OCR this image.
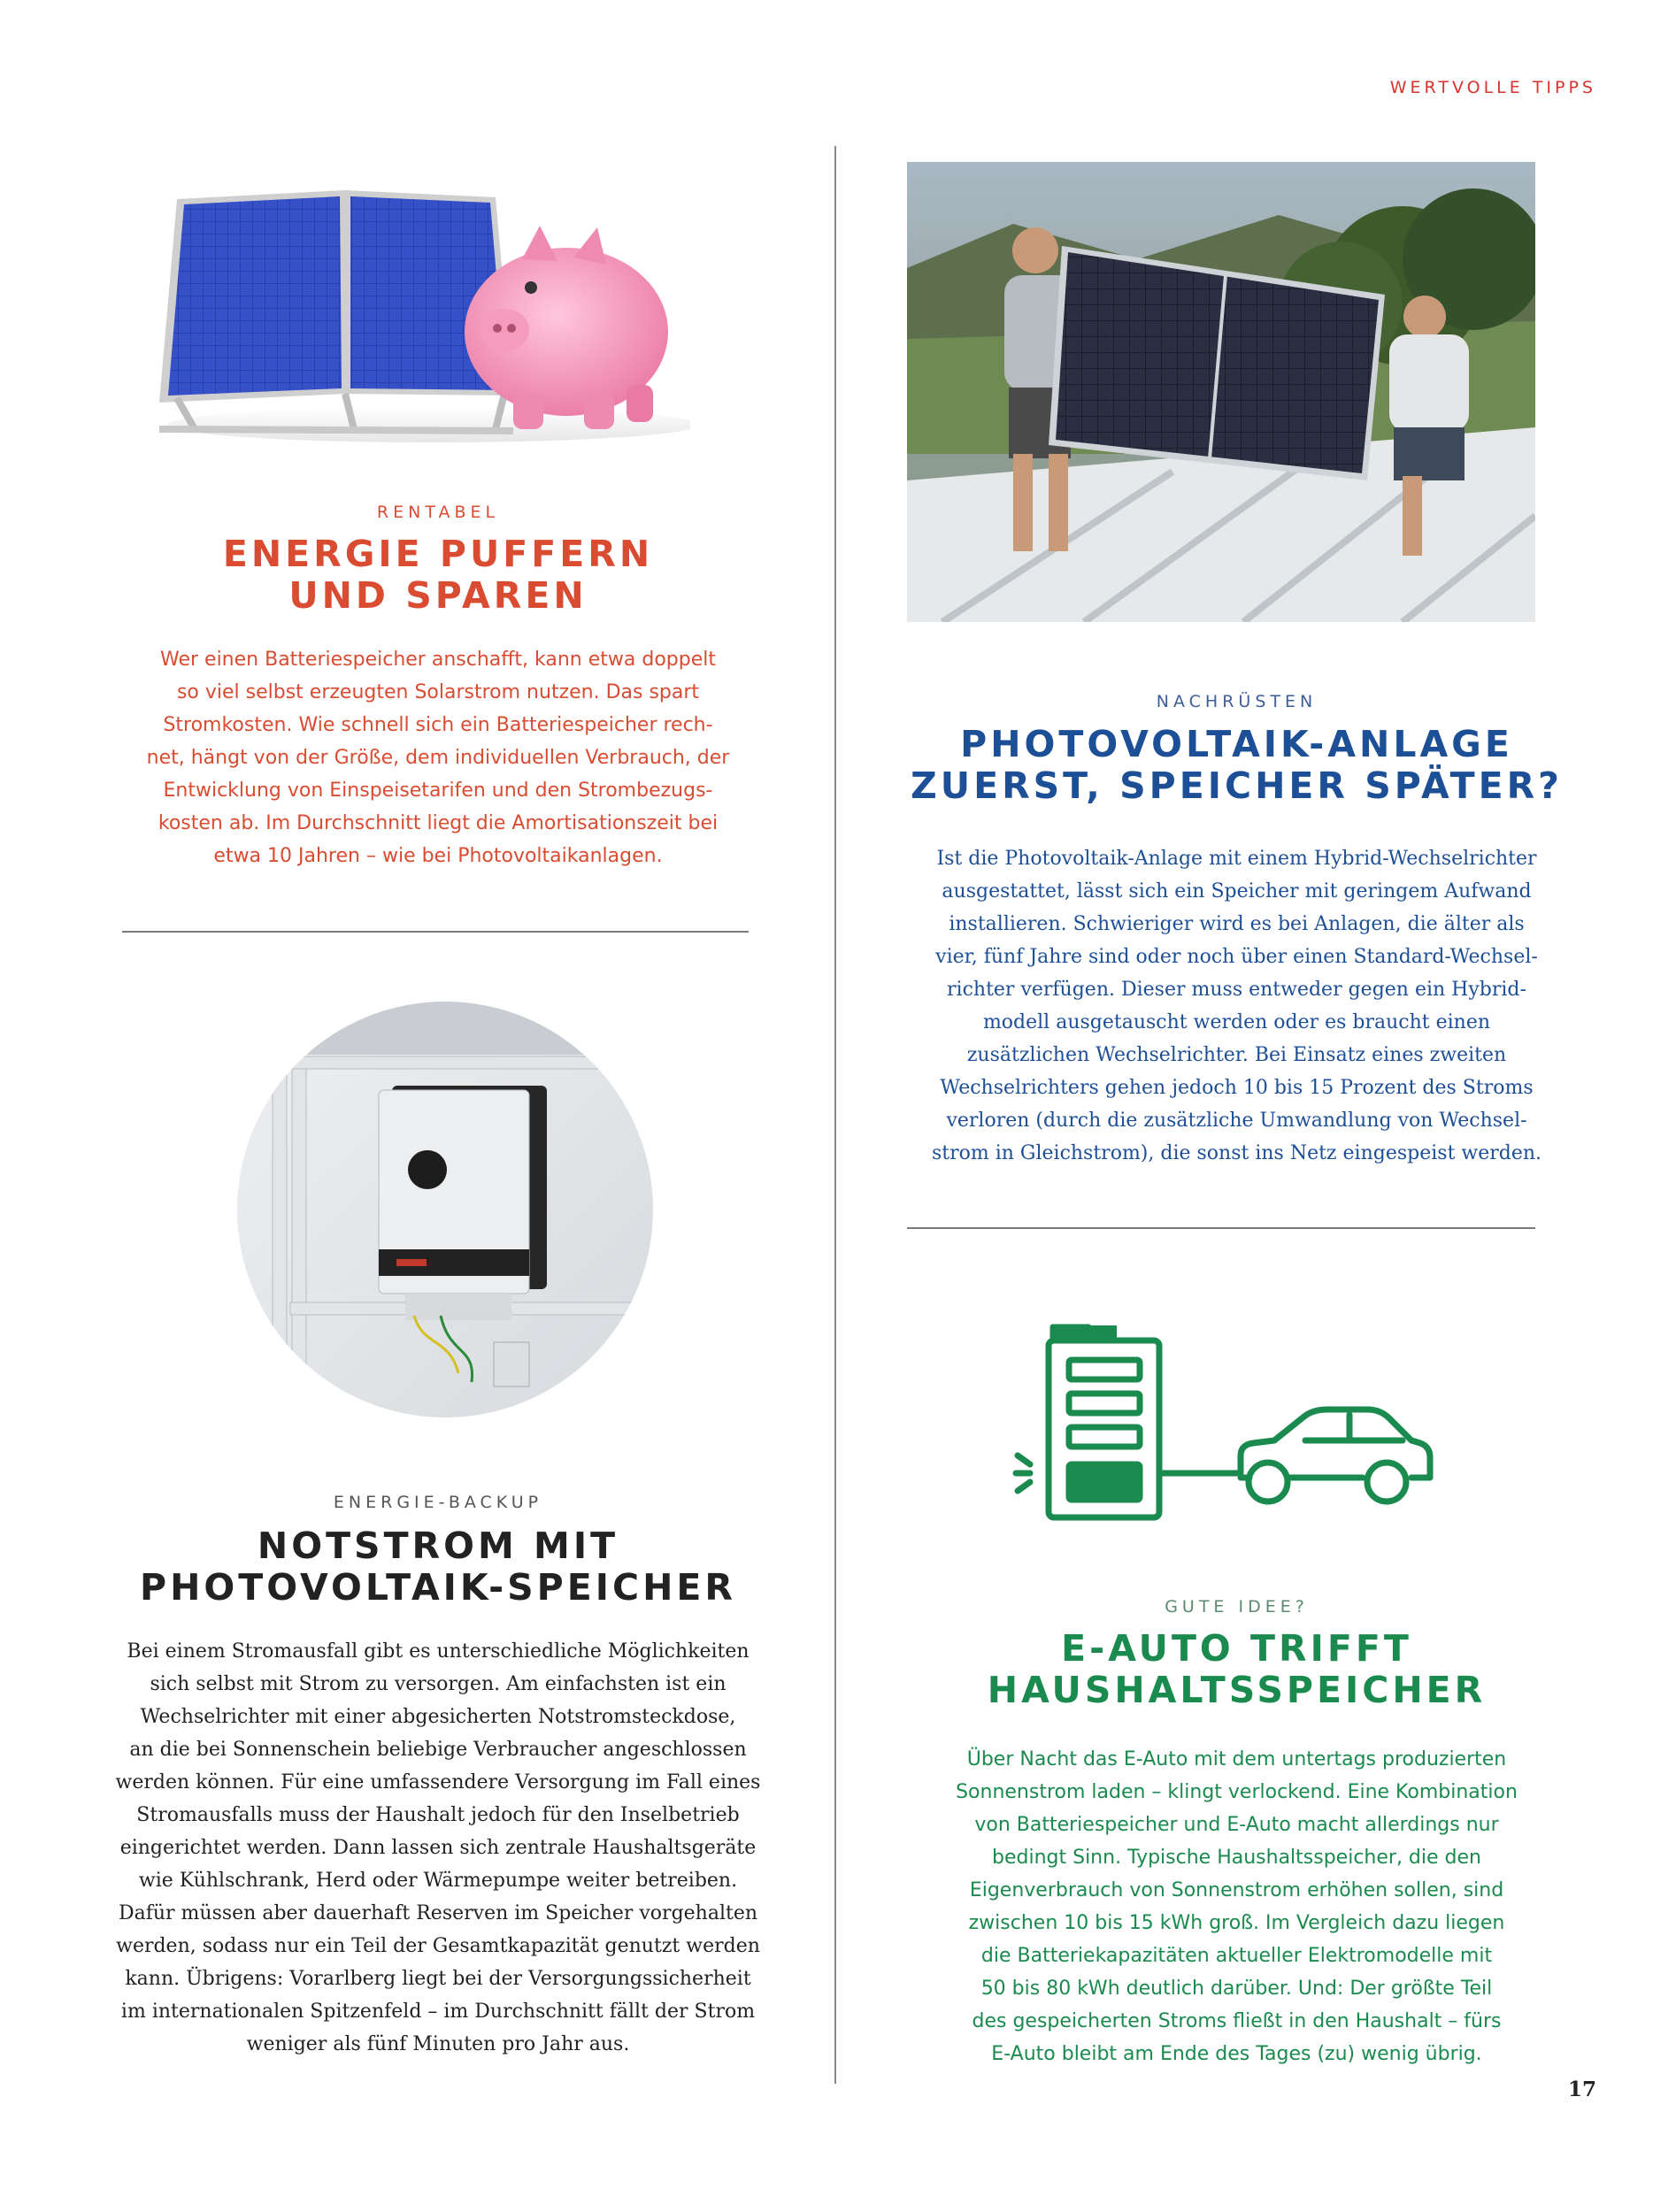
WERTVOLLE TIPPS
RENTABEL
ENERGIE PUFFERN
UND SPAREN
Wer einen Batteriespeicher anschafft, kann etwa doppelt
so viel selbst erzeugten Solarstrom nutzen. Das spart
Stromkosten. Wie schnell sich ein Batteriespeicher rech-
net, hängt von der Größe, dem individuellen Verbrauch, der
Entwicklung von Einspeisetarifen und den Strombezugs-
kosten ab. Im Durchschnitt liegt die Amortisationszeit bei
etwa 10 Jahren – wie bei Photovoltaikanlagen.
ENERGIE-BACKUP
NOTSTROM MIT
PHOTOVOLTAIK-SPEICHER
Bei einem Stromausfall gibt es unterschiedliche Möglichkeiten
sich selbst mit Strom zu versorgen. Am einfachsten ist ein
Wechselrichter mit einer abgesicherten Notstromsteckdose,
an die bei Sonnenschein beliebige Verbraucher angeschlossen
werden können. Für eine umfassendere Versorgung im Fall eines
Stromausfalls muss der Haushalt jedoch für den Inselbetrieb
eingerichtet werden. Dann lassen sich zentrale Haushaltsgeräte
wie Kühlschrank, Herd oder Wärmepumpe weiter betreiben.
Dafür müssen aber dauerhaft Reserven im Speicher vorgehalten
werden, sodass nur ein Teil der Gesamtkapazität genutzt werden
kann. Übrigens: Vorarlberg liegt bei der Versorgungssicherheit
im internationalen Spitzenfeld – im Durchschnitt fällt der Strom
weniger als fünf Minuten pro Jahr aus.
NACHRÜSTEN
PHOTOVOLTAIK-ANLAGE
ZUERST, SPEICHER SPÄTER?
Ist die Photovoltaik-Anlage mit einem Hybrid-Wechselrichter
ausgestattet, lässt sich ein Speicher mit geringem Aufwand
installieren. Schwieriger wird es bei Anlagen, die älter als
vier, fünf Jahre sind oder noch über einen Standard-Wechsel-
richter verfügen. Dieser muss entweder gegen ein Hybrid-
modell ausgetauscht werden oder es braucht einen
zusätzlichen Wechselrichter. Bei Einsatz eines zweiten
Wechselrichters gehen jedoch 10 bis 15 Prozent des Stroms
verloren (durch die zusätzliche Umwandlung von Wechsel-
strom in Gleichstrom), die sonst ins Netz eingespeist werden.
GUTE IDEE?
E-AUTO TRIFFT
HAUSHALTSSPEICHER
Über Nacht das E-Auto mit dem untertags produzierten
Sonnenstrom laden – klingt verlockend. Eine Kombination
von Batteriespeicher und E-Auto macht allerdings nur
bedingt Sinn. Typische Haushaltsspeicher, die den
Eigenverbrauch von Sonnenstrom erhöhen sollen, sind
zwischen 10 bis 15 kWh groß. Im Vergleich dazu liegen
die Batteriekapazitäten aktueller Elektromodelle mit
50 bis 80 kWh deutlich darüber. Und: Der größte Teil
des gespeicherten Stroms fließt in den Haushalt – fürs
E-Auto bleibt am Ende des Tages (zu) wenig übrig.
17
